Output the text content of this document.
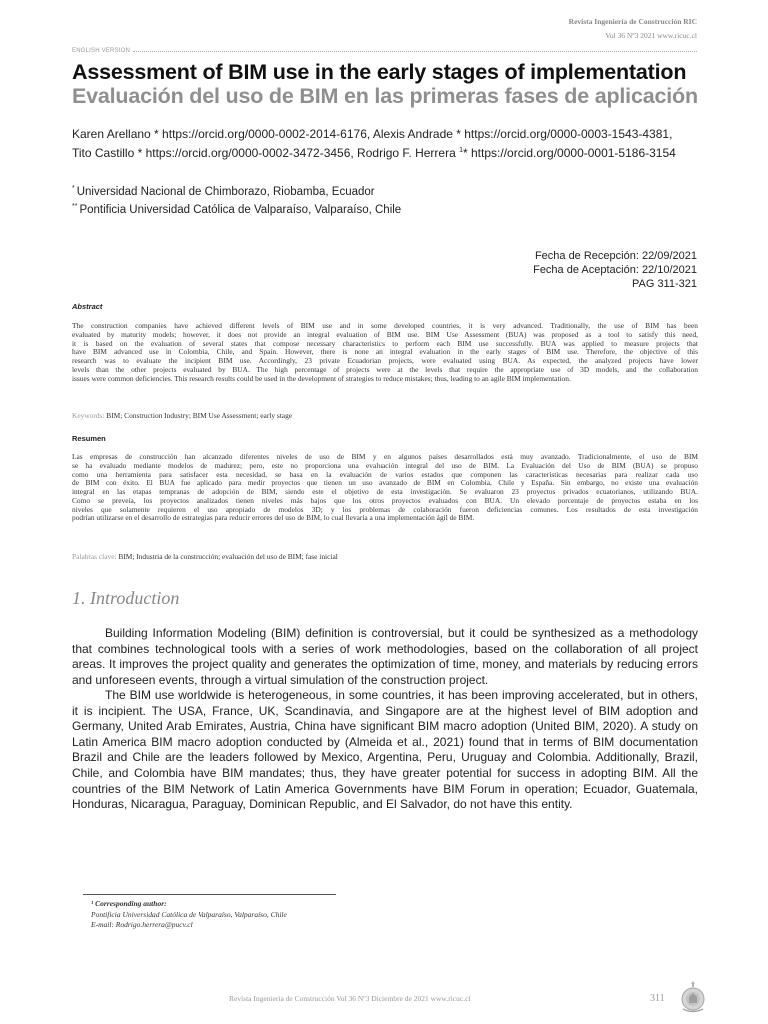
Revista Ingeniería de Construcción RIC
Vol 36 Nº3 2021 www.ricuc.cl
ENGLISH VERSION
Assessment of BIM use in the early stages of implementation
Evaluación del uso de BIM en las primeras fases de aplicación
Karen Arellano * https://orcid.org/0000-0002-2014-6176, Alexis Andrade * https://orcid.org/0000-0003-1543-4381,
Tito Castillo * https://orcid.org/0000-0002-3472-3456, Rodrigo F. Herrera $^1$* https://orcid.org/0000-0001-5186-3154
* Universidad Nacional de Chimborazo, Riobamba, Ecuador
** Pontificia Universidad Católica de Valparaíso, Valparaíso, Chile
Fecha de Recepción: 22/09/2021
Fecha de Aceptación: 22/10/2021
PAG 311-321
Abstract
The construction companies have achieved different levels of BIM use and in some developed countries, it is very advanced. Traditionally, the use of BIM has been
evaluated by maturity models; however, it does not provide an integral evaluation of BIM use. BIM Use Assessment (BUA) was proposed as a tool to satisfy this need,
it is based on the evaluation of several states that compose necessary characteristics to perform each BIM use successfully. BUA was applied to measure projects that
have BIM advanced use in Colombia, Chile, and Spain. However, there is none an integral evaluation in the early stages of BIM use. Therefore, the objective of this
research was to evaluate the incipient BIM use. Accordingly, 23 private Ecuadorian projects, were evaluated using BUA. As expected, the analyzed projects have lower
levels than the other projects evaluated by BUA. The high percentage of projects were at the levels that require the appropriate use of 3D models, and the collaboration
issues were common deficiencies. This research results could be used in the development of strategies to reduce mistakes; thus, leading to an agile BIM implementation.
Keywords: BIM; Construction Industry; BIM Use Assessment; early stage
Resumen
Las empresas de construcción han alcanzado diferentes niveles de uso de BIM y en algunos países desarrollados está muy avanzado. Tradicionalmente, el uso de BIM
se ha evaluado mediante modelos de madurez; pero, este no proporciona una evaluación integral del uso de BIM. La Evaluación del Uso de BIM (BUA) se propuso
como una herramienta para satisfacer esta necesidad, se basa en la evaluación de varios estados que componen las características necesarias para realizar cada uso
de BIM con éxito. El BUA fue aplicado para medir proyectos que tienen un uso avanzado de BIM en Colombia, Chile y España. Sin embargo, no existe una evaluación
integral en las etapas tempranas de adopción de BIM, siendo este el objetivo de esta investigación. Se evaluaron 23 proyectos privados ecuatorianos, utilizando BUA.
Como se preveía, los proyectos analizados tienen niveles más bajos que los otros proyectos evaluados con BUA. Un elevado porcentaje de proyectos estaba en los
niveles que solamente requieren el uso apropiado de modelos 3D; y los problemas de colaboración fueron deficiencias comunes. Los resultados de esta investigación
podrían utilizarse en el desarrollo de estrategias para reducir errores del uso de BIM, lo cual llevaría a una implementación ágil de BIM.
Palabras clave: BIM; Industria de la construcción; evaluación del uso de BIM; fase inicial
1. Introduction
Building Information Modeling (BIM) definition is controversial, but it could be synthesized as a methodology
that combines technological tools with a series of work methodologies, based on the collaboration of all project
areas. It improves the project quality and generates the optimization of time, money, and materials by reducing errors
and unforeseen events, through a virtual simulation of the construction project.
The BIM use worldwide is heterogeneous, in some countries, it has been improving accelerated, but in others,
it is incipient. The USA, France, UK, Scandinavia, and Singapore are at the highest level of BIM adoption and
Germany, United Arab Emirates, Austria, China have significant BIM macro adoption (United BIM, 2020). A study on
Latin America BIM macro adoption conducted by (Almeida et al., 2021) found that in terms of BIM documentation
Brazil and Chile are the leaders followed by Mexico, Argentina, Peru, Uruguay and Colombia. Additionally, Brazil,
Chile, and Colombia have BIM mandates; thus, they have greater potential for success in adopting BIM. All the
countries of the BIM Network of Latin America Governments have BIM Forum in operation; Ecuador, Guatemala,
Honduras, Nicaragua, Paraguay, Dominican Republic, and El Salvador, do not have this entity.
¹ Corresponding author:
Pontificia Universidad Católica de Valparaíso, Valparaíso, Chile
E-mail: Rodrigo.herrera@pucv.cl
Revista Ingeniería de Construcción Vol 36 Nº3 Diciembre de 2021 www.ricuc.cl	311
